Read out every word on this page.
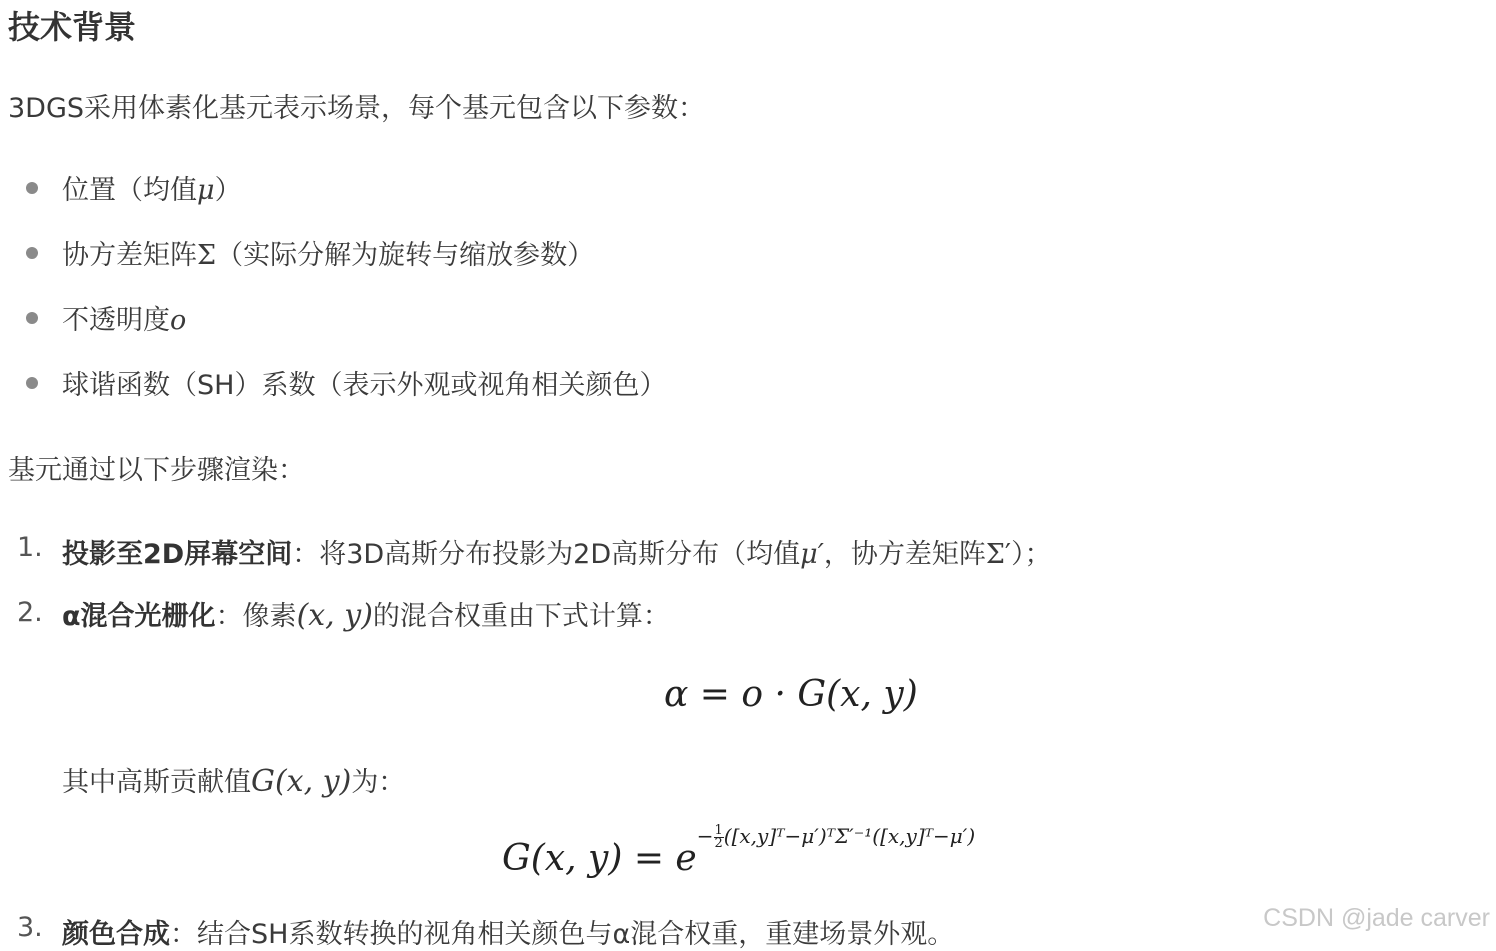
技术背景
3DGS采用体素化基元表示场景，每个基元包含以下参数：
位置（均值μ）
协方差矩阵Σ（实际分解为旋转与缩放参数）
不透明度o
球谐函数（SH）系数（表示外观或视角相关颜色）
基元通过以下步骤渲染：
1. 投影至2D屏幕空间：将3D高斯分布投影为2D高斯分布（均值μ′，协方差矩阵Σ′）；
2. α混合光栅化：像素(x, y)的混合权重由下式计算：
α = o · G(x, y)
其中高斯贡献值G(x, y)为：
G(x, $y) = e^{- \frac{1}{2} ([x,y]ᵀ-\mu')ᵀ\Sigma'^{-1}([x,y]ᵀ-\mu')}$
3. 颜色合成：结合SH系数转换的视角相关颜色与α混合权重，重建场景外观。
CSDN @jade carver
